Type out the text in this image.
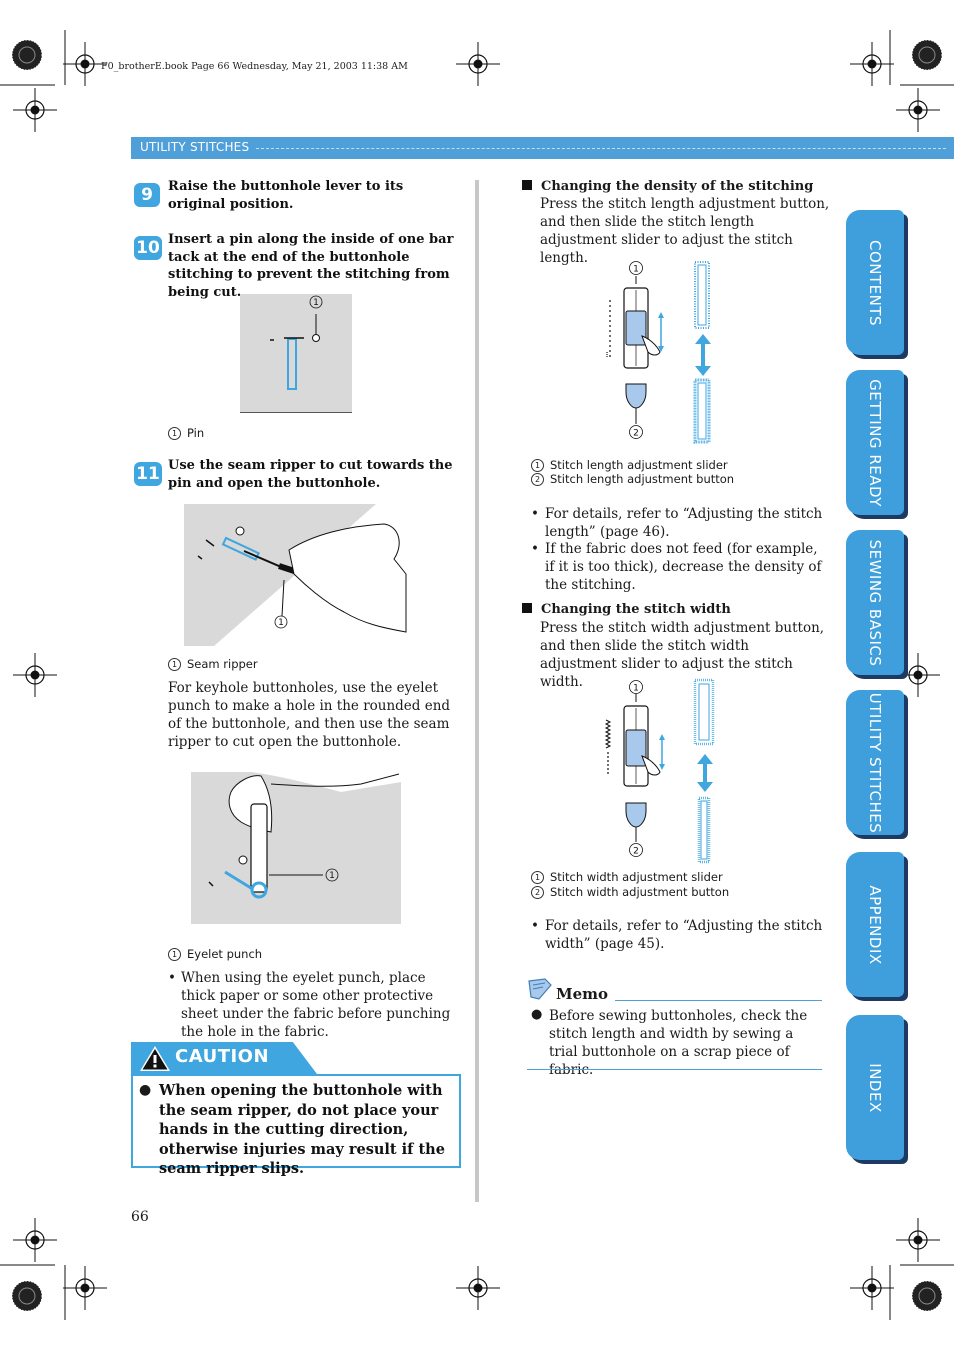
F0_brotherE.book Page 66 Wednesday, May 21, 2003 11:38 AM
UTILITY STITCHES
9	Raise the buttonhole lever to its original position.
10 Insert a pin along the inside of one bar tack at the end of the buttonhole stitching to prevent the stitching from being cut.
1
1 Pin
11 Use the seam ripper to cut towards the pin and open the buttonhole.
1
1 Seam ripper
For keyhole buttonholes, use the eyelet punch to make a hole in the rounded end of the buttonhole, and then use the seam ripper to cut open the buttonhole.
1
1 Eyelet punch
• When using the eyelet punch, place thick paper or some other protective sheet under the fabric before punching the hole in the fabric.
CAUTION
● When opening the buttonhole with the seam ripper, do not place your hands in the cutting direction, otherwise injuries may result if the seam ripper slips.
66
Changing the density of the stitching
Press the stitch length adjustment button, and then slide the stitch length adjustment slider to adjust the stitch length.
1
2
1 Stitch length adjustment slider
2 Stitch length adjustment button
• For details, refer to “Adjusting the stitch length” (page 46).
• If the fabric does not feed (for example, if it is too thick), decrease the density of the stitching.
Changing the stitch width
Press the stitch width adjustment button, and then slide the stitch width adjustment slider to adjust the stitch width.	1
2
1 Stitch width adjustment slider
2 Stitch width adjustment button
• For details, refer to “Adjusting the stitch width” (page 45).
Memo
● Before sewing buttonholes, check the stitch length and width by sewing a trial buttonhole on a scrap piece of fabric.
CONTENTS
GETTING READY
SEWING BASICS
UTILITY STITCHES
APPENDIX
INDEX
